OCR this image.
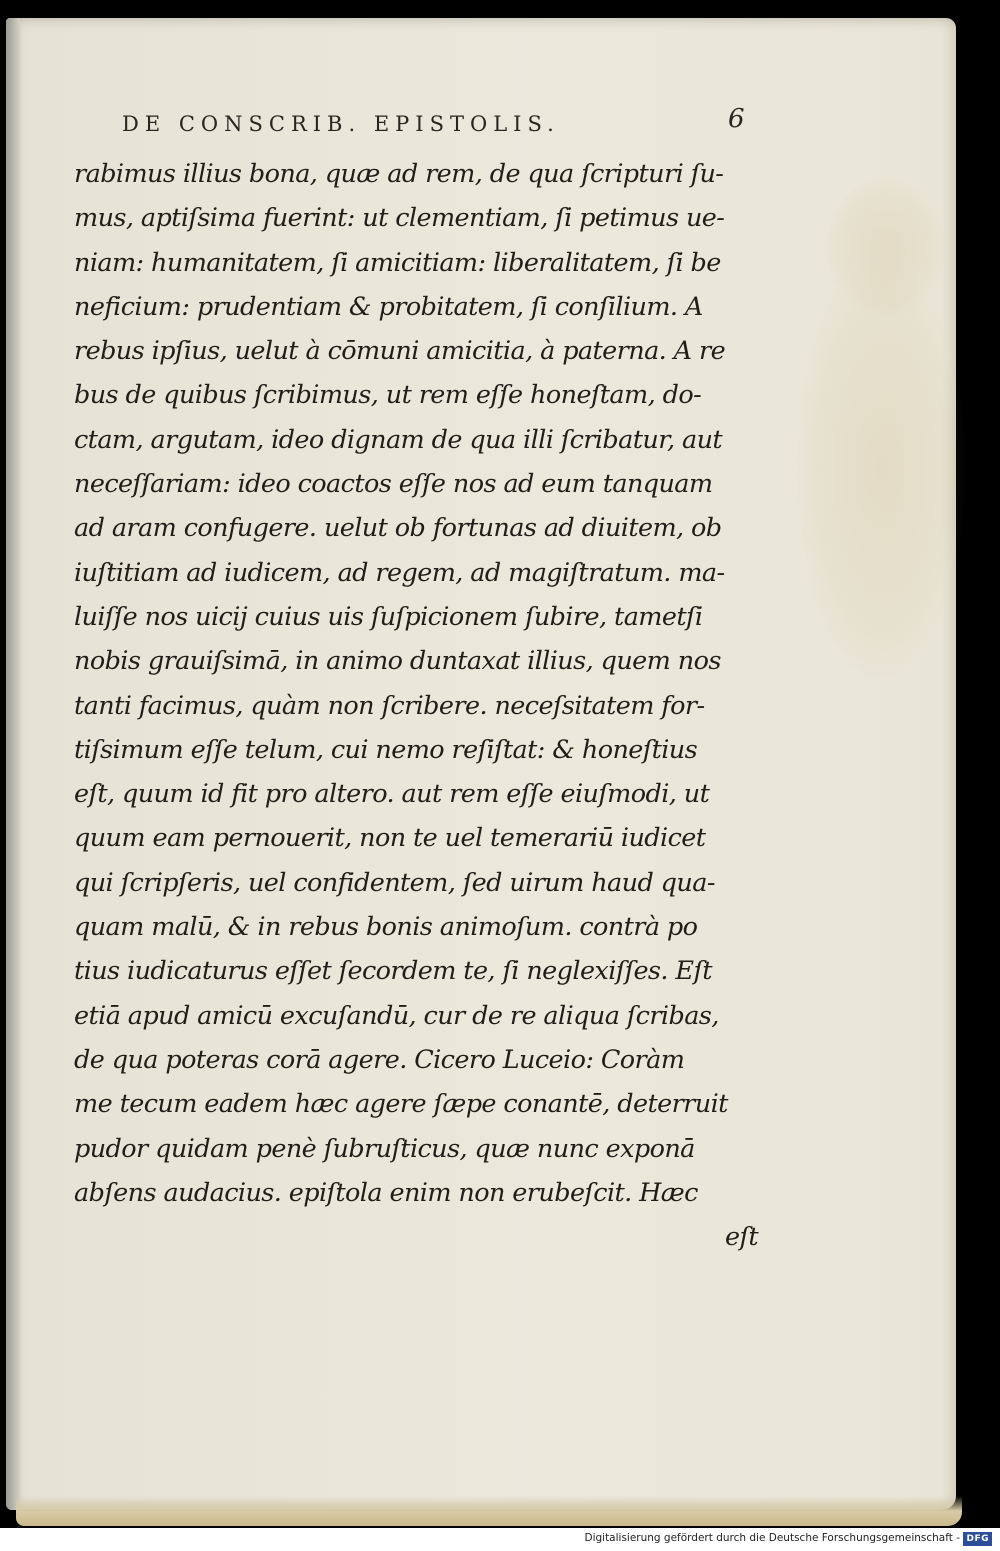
DE CONSCRIB. EPISTOLIS.	6
rabimus illius bona, quæ ad rem, de qua ſcripturi ſu-
mus, aptiſsima fuerint: ut clementiam, ſi petimus ue-
niam: humanitatem, ſi amicitiam: liberalitatem, ſi be
neficium: prudentiam & probitatem, ſi conſilium. A
rebus ipſius, uelut à cōmuni amicitia, à paterna. A re
bus de quibus ſcribimus, ut rem eſſe honeſtam, do-
ctam, argutam, ideo dignam de qua illi ſcribatur, aut
neceſſariam: ideo coactos eſſe nos ad eum tanquam
ad aram confugere. uelut ob fortunas ad diuitem, ob
iuſtitiam ad iudicem, ad regem, ad magiſtratum. ma-
luiſſe nos uicij cuius uis ſuſpicionem ſubire, tametſi
nobis grauiſsimā, in animo duntaxat illius, quem nos
tanti facimus, quàm non ſcribere. neceſsitatem for-
tiſsimum eſſe telum, cui nemo reſiſtat: & honeſtius
eſt, quum id fit pro altero. aut rem eſſe eiuſmodi, ut
quum eam pernouerit, non te uel temerariū iudicet
qui ſcripſeris, uel confidentem, ſed uirum haud qua-
quam malū, & in rebus bonis animoſum. contrà po
tius iudicaturus eſſet ſecordem te, ſi neglexiſſes. Eſt
etiā apud amicū excuſandū, cur de re aliqua ſcribas,
de qua poteras corā agere. Cicero Luceio: Coràm
me tecum eadem hæc agere ſæpe conantē, deterruit
pudor quidam penè ſubruſticus, quæ nunc exponā
abſens audacius. epiſtola enim non erubeſcit. Hæc
eſt
Digitalisierung gefördert durch die Deutsche Forschungsgemeinschaft - DFG
